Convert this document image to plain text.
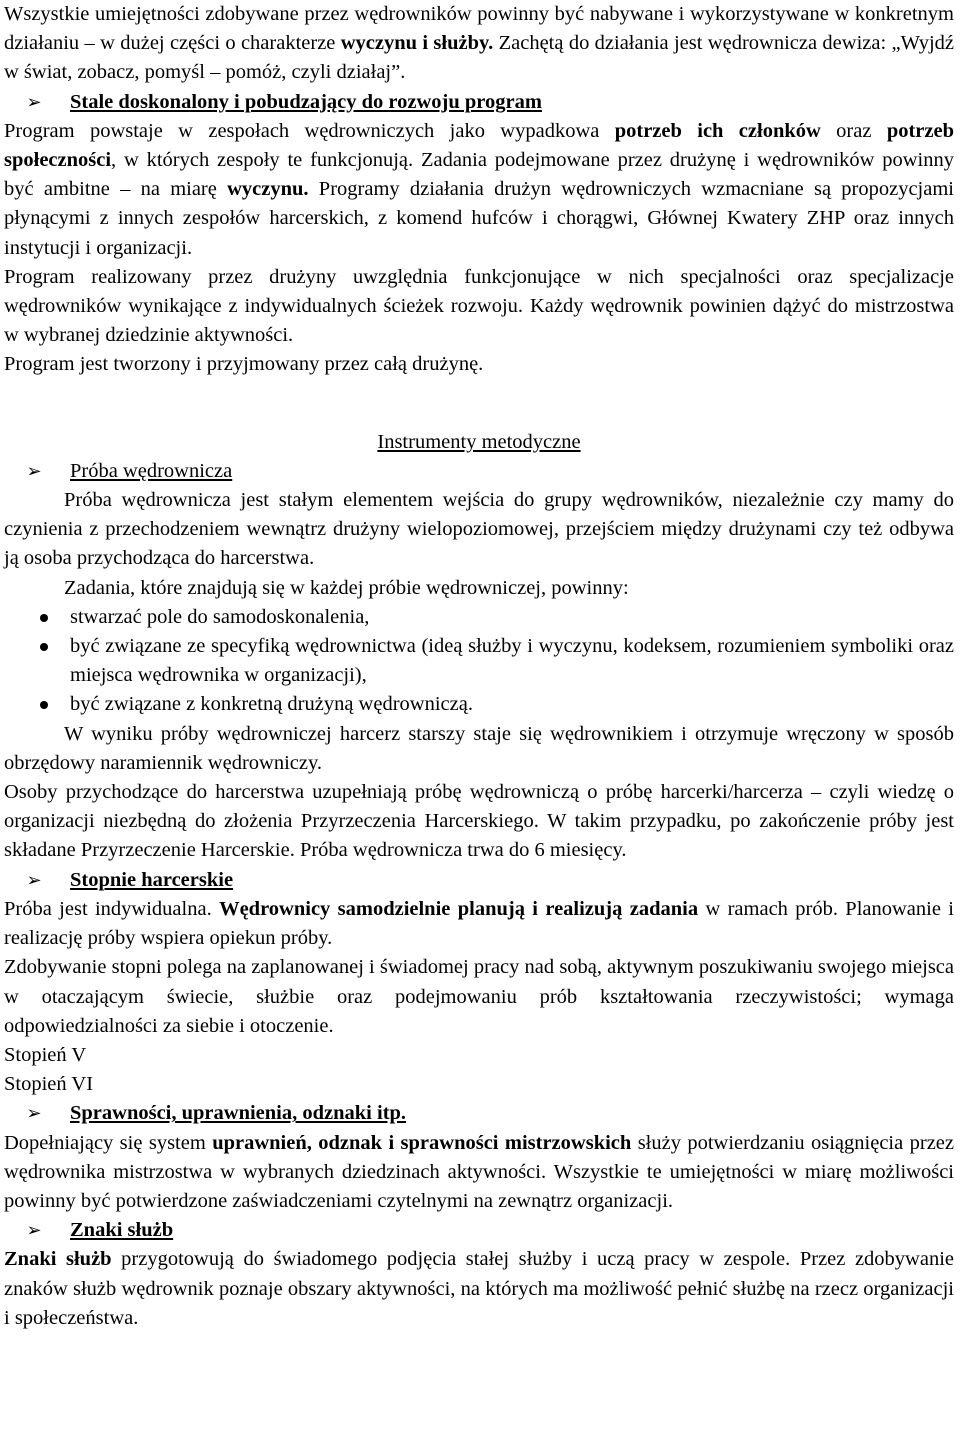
Wszystkie umiejętności zdobywane przez wędrowników powinny być nabywane i wykorzystywane w konkretnym działaniu – w dużej części o charakterze wyczynu i służby. Zachętą do działania jest wędrownicza dewiza: „Wyjdź w świat, zobacz, pomyśl – pomóż, czyli działaj”.

➢	Stale doskonalony i pobudzający do rozwoju program

Program powstaje w zespołach wędrowniczych jako wypadkowa potrzeb ich członków oraz potrzeb społeczności, w których zespoły te funkcjonują. Zadania podejmowane przez drużynę i wędrowników powinny być ambitne – na miarę wyczynu. Programy działania drużyn wędrowniczych wzmacniane są propozycjami płynącymi z innych zespołów harcerskich, z komend hufców i chorągwi, Głównej Kwatery ZHP oraz innych instytucji i organizacji.

Program realizowany przez drużyny uwzględnia funkcjonujące w nich specjalności oraz specjalizacje wędrowników wynikające z indywidualnych ścieżek rozwoju. Każdy wędrownik powinien dążyć do mistrzostwa w wybranej dziedzinie aktywności.

Program jest tworzony i przyjmowany przez całą drużynę.

Instrumenty metodyczne

➢	Próba wędrownicza

Próba wędrownicza jest stałym elementem wejścia do grupy wędrowników, niezależnie czy mamy do czynienia z przechodzeniem wewnątrz drużyny wielopoziomowej, przejściem między drużynami czy też odbywa ją osoba przychodząca do harcerstwa.

Zadania, które znajdują się w każdej próbie wędrowniczej, powinny:

stwarzać pole do samodoskonalenia,
być związane ze specyfiką wędrownictwa (ideą służby i wyczynu, kodeksem, rozumieniem symboliki oraz miejsca wędrownika w organizacji),
być związane z konkretną drużyną wędrowniczą.

W wyniku próby wędrowniczej harcerz starszy staje się wędrownikiem i otrzymuje wręczony w sposób obrzędowy naramiennik wędrowniczy.

Osoby przychodzące do harcerstwa uzupełniają próbę wędrowniczą o próbę harcerki/harcerza – czyli wiedzę o organizacji niezbędną do złożenia Przyrzeczenia Harcerskiego. W takim przypadku, po zakończenie próby jest składane Przyrzeczenie Harcerskie. Próba wędrownicza trwa do 6 miesięcy.

➢	Stopnie harcerskie

Próba jest indywidualna. Wędrownicy samodzielnie planują i realizują zadania w ramach prób. Planowanie i realizację próby wspiera opiekun próby.

Zdobywanie stopni polega na zaplanowanej i świadomej pracy nad sobą, aktywnym poszukiwaniu swojego miejsca w otaczającym świecie, służbie oraz podejmowaniu prób kształtowania rzeczywistości; wymaga odpowiedzialności za siebie i otoczenie.

Stopień V

Stopień VI

➢	Sprawności, uprawnienia, odznaki itp.

Dopełniający się system uprawnień, odznak i sprawności mistrzowskich służy potwierdzaniu osiągnięcia przez wędrownika mistrzostwa w wybranych dziedzinach aktywności. Wszystkie te umiejętności w miarę możliwości powinny być potwierdzone zaświadczeniami czytelnymi na zewnątrz organizacji.

➢	Znaki służb

Znaki służb przygotowują do świadomego podjęcia stałej służby i uczą pracy w zespole. Przez zdobywanie znaków służb wędrownik poznaje obszary aktywności, na których ma możliwość pełnić służbę na rzecz organizacji i społeczeństwa.
